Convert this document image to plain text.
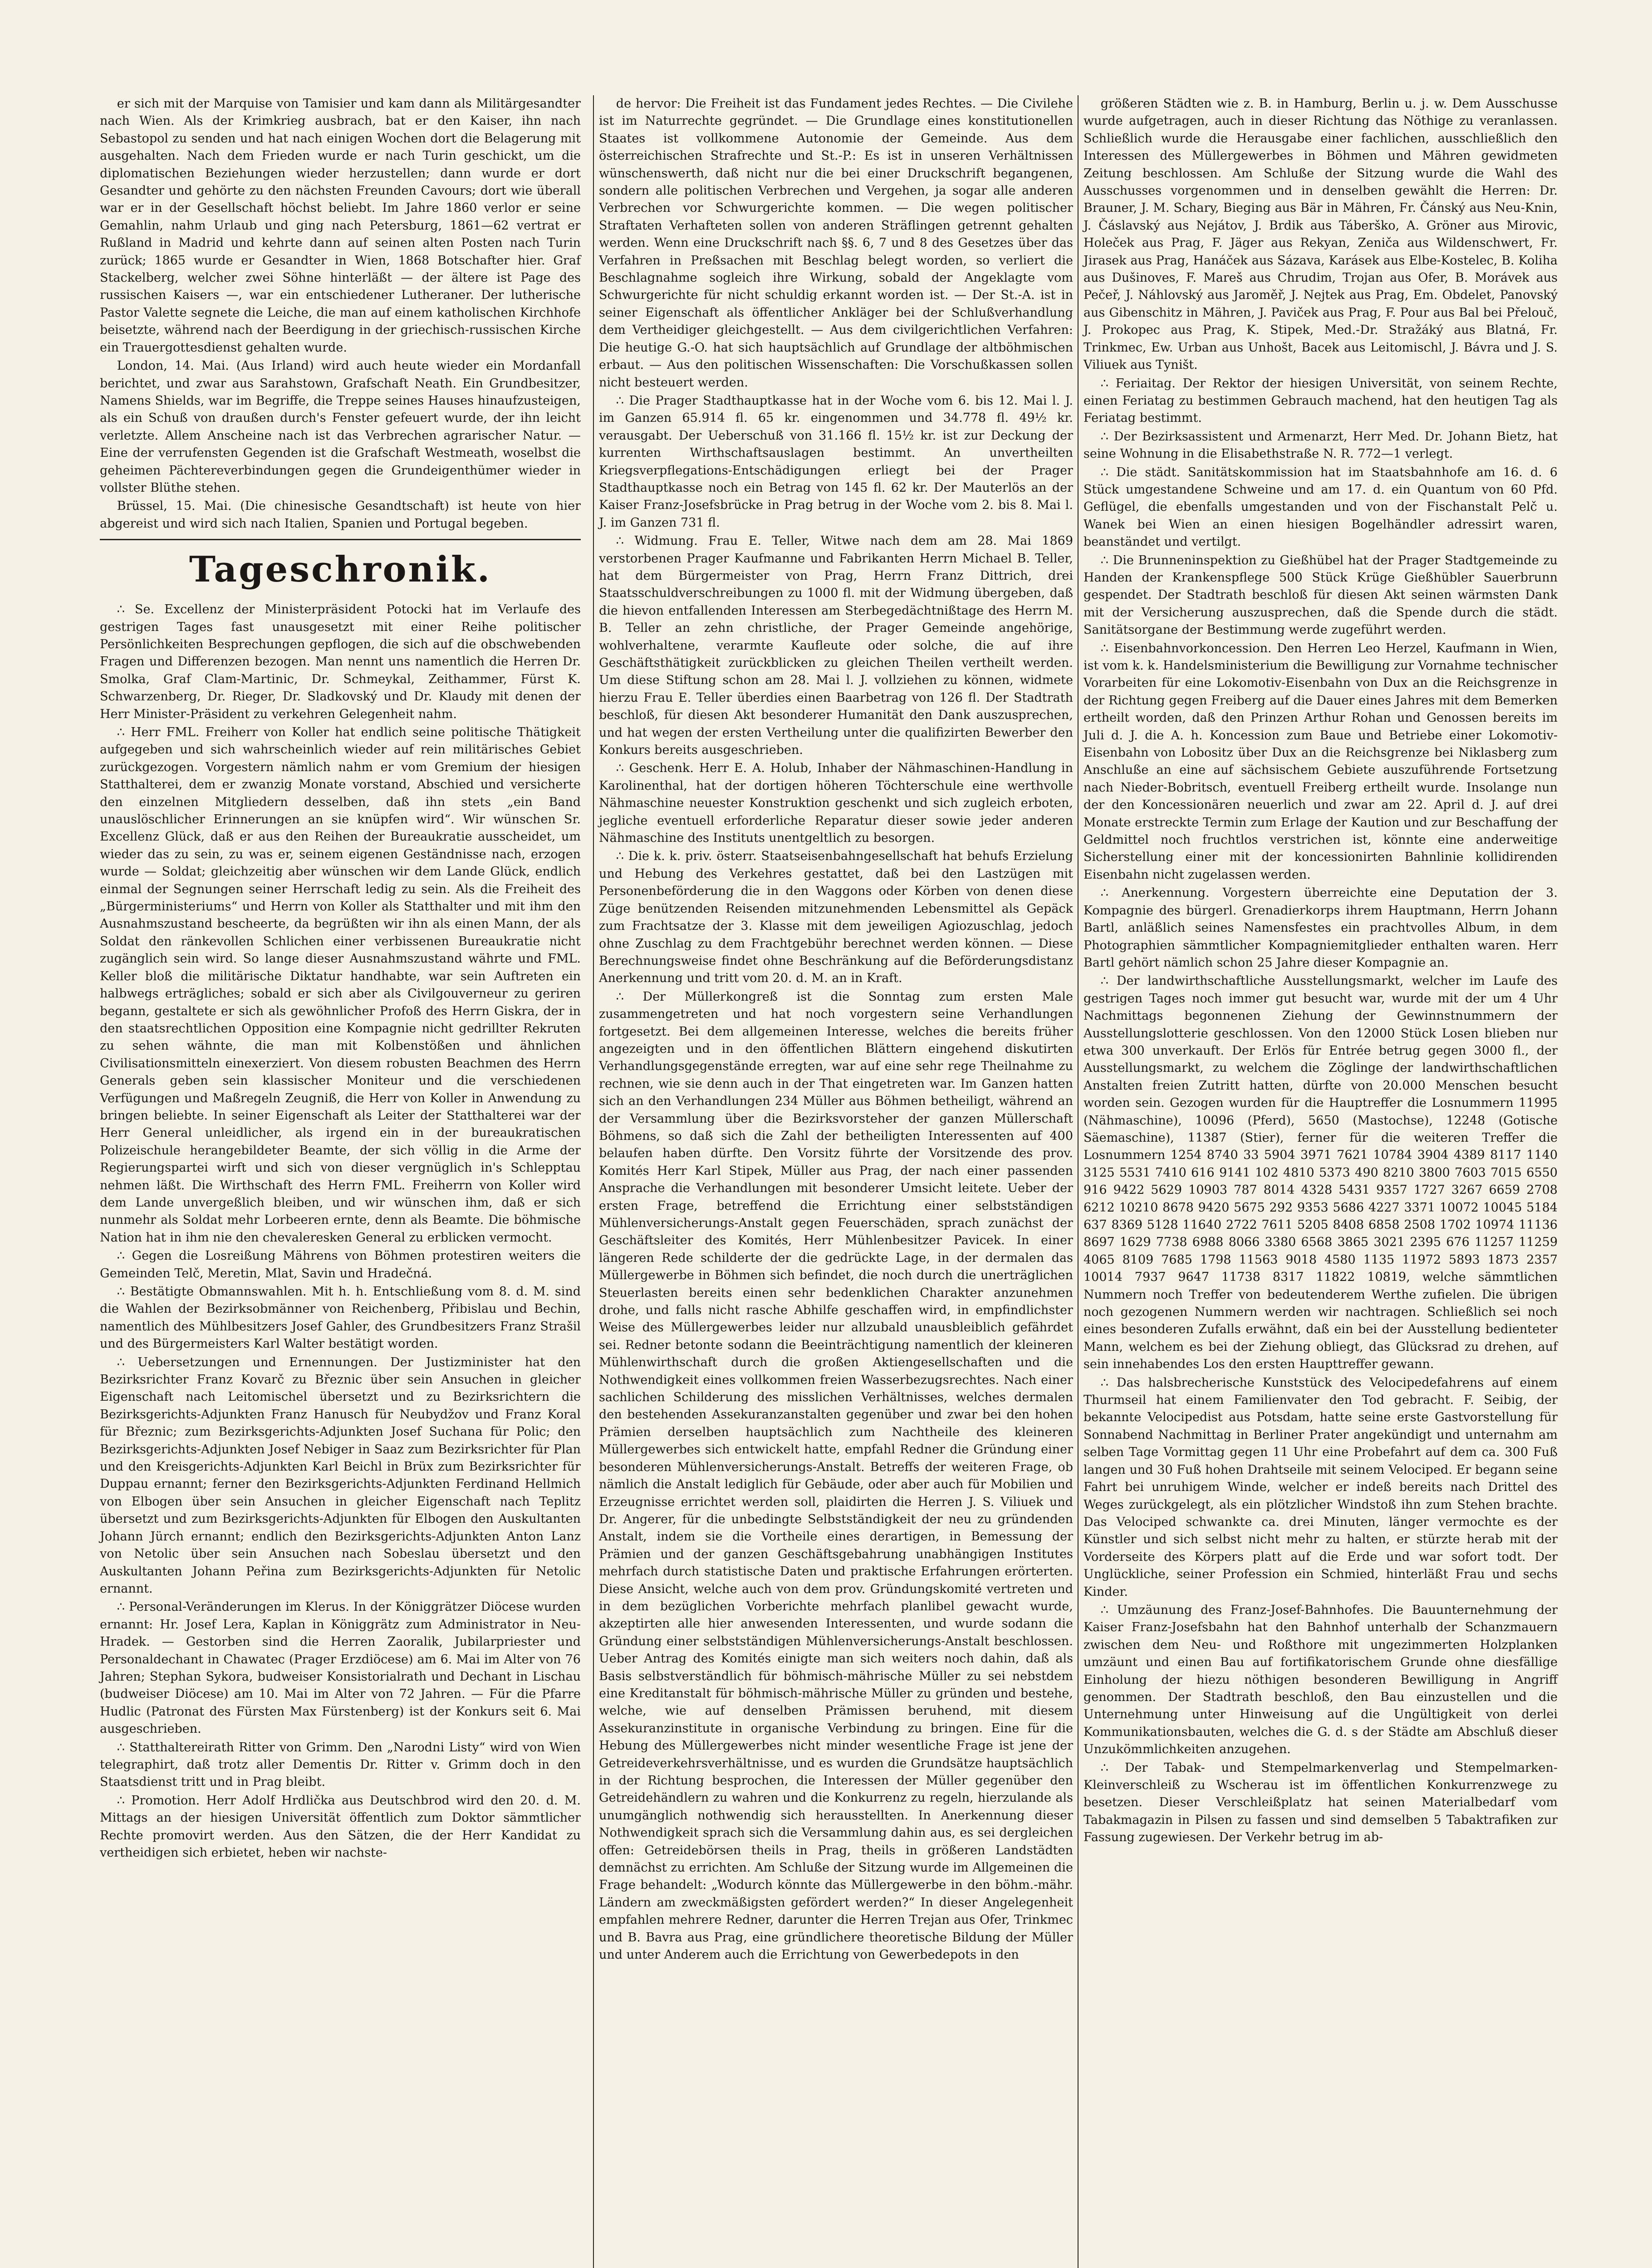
er sich mit der Marquise von Tamisier und kam dann als Militärgesandter nach Wien. Als der Krimkrieg ausbrach, bat er den Kaiser, ihn nach Sebastopol zu senden und hat nach einigen Wochen dort die Belagerung mit ausgehalten. Nach dem Frieden wurde er nach Turin geschickt, um die diplomatischen Beziehungen wieder herzustellen; dann wurde er dort Gesandter und gehörte zu den nächsten Freunden Cavours; dort wie überall war er in der Gesellschaft höchst beliebt. Im Jahre 1860 verlor er seine Gemahlin, nahm Urlaub und ging nach Petersburg, 1861—62 vertrat er Rußland in Madrid und kehrte dann auf seinen alten Posten nach Turin zurück; 1865 wurde er Gesandter in Wien, 1868 Botschafter hier. Graf Stackelberg, welcher zwei Söhne hinterläßt — der ältere ist Page des russischen Kaisers —, war ein entschiedener Lutheraner. Der lutherische Pastor Valette segnete die Leiche, die man auf einem katholischen Kirchhofe beisetzte, während nach der Beerdigung in der griechisch-russischen Kirche ein Trauergottesdienst gehalten wurde.

London, 14. Mai. (Aus Irland) wird auch heute wieder ein Mordanfall berichtet, und zwar aus Sarahstown, Grafschaft Neath. Ein Grundbesitzer, Namens Shields, war im Begriffe, die Treppe seines Hauses hinaufzusteigen, als ein Schuß von draußen durch's Fenster gefeuert wurde, der ihn leicht verletzte. Allem Anscheine nach ist das Verbrechen agrarischer Natur. — Eine der verrufensten Gegenden ist die Grafschaft Westmeath, woselbst die geheimen Pächtereverbindungen gegen die Grundeigenthümer wieder in vollster Blüthe stehen.

Brüssel, 15. Mai. (Die chinesische Gesandtschaft) ist heute von hier abgereist und wird sich nach Italien, Spanien und Portugal begeben.

Tageschronik.

∴ Se. Excellenz der Ministerpräsident Potocki hat im Verlaufe des gestrigen Tages fast unausgesetzt mit einer Reihe politischer Persönlichkeiten Besprechungen gepflogen, die sich auf die obschwebenden Fragen und Differenzen bezogen. Man nennt uns namentlich die Herren Dr. Smolka, Graf Clam-Martinic, Dr. Schmeykal, Zeithammer, Fürst K. Schwarzenberg, Dr. Rieger, Dr. Sladkovský und Dr. Klaudy mit denen der Herr Minister-Präsident zu verkehren Gelegenheit nahm.

∴ Herr FML. Freiherr von Koller hat endlich seine politische Thätigkeit aufgegeben und sich wahrscheinlich wieder auf rein militärisches Gebiet zurückgezogen. Vorgestern nämlich nahm er vom Gremium der hiesigen Statthalterei, dem er zwanzig Monate vorstand, Abschied und versicherte den einzelnen Mitgliedern desselben, daß ihn stets „ein Band unauslöschlicher Erinnerungen an sie knüpfen wird“. Wir wünschen Sr. Excellenz Glück, daß er aus den Reihen der Bureaukratie ausscheidet, um wieder das zu sein, zu was er, seinem eigenen Geständnisse nach, erzogen wurde — Soldat; gleichzeitig aber wünschen wir dem Lande Glück, endlich einmal der Segnungen seiner Herrschaft ledig zu sein. Als die Freiheit des „Bürgerministeriums“ und Herrn von Koller als Statthalter und mit ihm den Ausnahmszustand bescheerte, da begrüßten wir ihn als einen Mann, der als Soldat den ränkevollen Schlichen einer verbissenen Bureaukratie nicht zugänglich sein wird. So lange dieser Ausnahmszustand währte und FML. Keller bloß die militärische Diktatur handhabte, war sein Auftreten ein halbwegs erträgliches; sobald er sich aber als Civilgouverneur zu geriren begann, gestaltete er sich als gewöhnlicher Profoß des Herrn Giskra, der in den staatsrechtlichen Opposition eine Kompagnie nicht gedrillter Rekruten zu sehen wähnte, die man mit Kolbenstößen und ähnlichen Civilisationsmitteln einexerziert. Von diesem robusten Beachmen des Herrn Generals geben sein klassischer Moniteur und die verschiedenen Verfügungen und Maßregeln Zeugniß, die Herr von Koller in Anwendung zu bringen beliebte. In seiner Eigenschaft als Leiter der Statthalterei war der Herr General unleidlicher, als irgend ein in der bureaukratischen Polizeischule herangebildeter Beamte, der sich völlig in die Arme der Regierungspartei wirft und sich von dieser vergnüglich in's Schlepptau nehmen läßt. Die Wirthschaft des Herrn FML. Freiherrn von Koller wird dem Lande unvergeßlich bleiben, und wir wünschen ihm, daß er sich nunmehr als Soldat mehr Lorbeeren ernte, denn als Beamte. Die böhmische Nation hat in ihm nie den chevaleresken General zu erblicken vermocht.

∴ Gegen die Losreißung Mährens von Böhmen protestiren weiters die Gemeinden Telč, Meretin, Mlat, Savin und Hradečná.

∴ Bestätigte Obmannswahlen. Mit h. h. Entschließung vom 8. d. M. sind die Wahlen der Bezirksobmänner von Reichenberg, Přibislau und Bechin, namentlich des Mühlbesitzers Josef Gahler, des Grundbesitzers Franz Strašil und des Bürgermeisters Karl Walter bestätigt worden.

∴ Uebersetzungen und Ernennungen. Der Justizminister hat den Bezirksrichter Franz Kovarč zu Březnic über sein Ansuchen in gleicher Eigenschaft nach Leitomischel übersetzt und zu Bezirksrichtern die Bezirksgerichts-Adjunkten Franz Hanusch für Neubydžov und Franz Koral für Březnic; zum Bezirksgerichts-Adjunkten Josef Suchana für Polic; den Bezirksgerichts-Adjunkten Josef Nebiger in Saaz zum Bezirksrichter für Plan und den Kreisgerichts-Adjunkten Karl Beichl in Brüx zum Bezirksrichter für Duppau ernannt; ferner den Bezirksgerichts-Adjunkten Ferdinand Hellmich von Elbogen über sein Ansuchen in gleicher Eigenschaft nach Teplitz übersetzt und zum Bezirksgerichts-Adjunkten für Elbogen den Auskultanten Johann Jürch ernannt; endlich den Bezirksgerichts-Adjunkten Anton Lanz von Netolic über sein Ansuchen nach Sobeslau übersetzt und den Auskultanten Johann Peřina zum Bezirksgerichts-Adjunkten für Netolic ernannt.

∴ Personal-Veränderungen im Klerus. In der Königgrätzer Diöcese wurden ernannt: Hr. Josef Lera, Kaplan in Königgrätz zum Administrator in Neu-Hradek. — Gestorben sind die Herren Zaoralik, Jubilarpriester und Personaldechant in Chawatec (Prager Erzdiöcese) am 6. Mai im Alter von 76 Jahren; Stephan Sykora, budweiser Konsistorialrath und Dechant in Lischau (budweiser Diöcese) am 10. Mai im Alter von 72 Jahren. — Für die Pfarre Hudlic (Patronat des Fürsten Max Fürstenberg) ist der Konkurs seit 6. Mai ausgeschrieben.

∴ Statthaltereirath Ritter von Grimm. Den „Narodni Listy“ wird von Wien telegraphirt, daß trotz aller Dementis Dr. Ritter v. Grimm doch in den Staatsdienst tritt und in Prag bleibt.

∴ Promotion. Herr Adolf Hrdlička aus Deutschbrod wird den 20. d. M. Mittags an der hiesigen Universität öffentlich zum Doktor sämmtlicher Rechte promovirt werden. Aus den Sätzen, die der Herr Kandidat zu vertheidigen sich erbietet, heben wir nachste-

de hervor: Die Freiheit ist das Fundament jedes Rechtes. — Die Civilehe ist im Naturrechte gegründet. — Die Grundlage eines konstitutionellen Staates ist vollkommene Autonomie der Gemeinde. Aus dem österreichischen Strafrechte und St.-P.: Es ist in unseren Verhältnissen wünschenswerth, daß nicht nur die bei einer Druckschrift begangenen, sondern alle politischen Verbrechen und Vergehen, ja sogar alle anderen Verbrechen vor Schwurgerichte kommen. — Die wegen politischer Straftaten Verhafteten sollen von anderen Sträflingen getrennt gehalten werden. Wenn eine Druckschrift nach §§. 6, 7 und 8 des Gesetzes über das Verfahren in Preßsachen mit Beschlag belegt worden, so verliert die Beschlagnahme sogleich ihre Wirkung, sobald der Angeklagte vom Schwurgerichte für nicht schuldig erkannt worden ist. — Der St.-A. ist in seiner Eigenschaft als öffentlicher Ankläger bei der Schlußverhandlung dem Vertheidiger gleichgestellt. — Aus dem civilgerichtlichen Verfahren: Die heutige G.-O. hat sich hauptsächlich auf Grundlage der altböhmischen erbaut. — Aus den politischen Wissenschaften: Die Vorschußkassen sollen nicht besteuert werden.

∴ Die Prager Stadthauptkasse hat in der Woche vom 6. bis 12. Mai l. J. im Ganzen 65.914 fl. 65 kr. eingenommen und 34.778 fl. 49½ kr. verausgabt. Der Ueberschuß von 31.166 fl. 15½ kr. ist zur Deckung der kurrenten Wirthschaftsauslagen bestimmt. An unvertheilten Kriegsverpflegations-Entschädigungen erliegt bei der Prager Stadthauptkasse noch ein Betrag von 145 fl. 62 kr. Der Mauterlös an der Kaiser Franz-Josefsbrücke in Prag betrug in der Woche vom 2. bis 8. Mai l. J. im Ganzen 731 fl.

∴ Widmung. Frau E. Teller, Witwe nach dem am 28. Mai 1869 verstorbenen Prager Kaufmanne und Fabrikanten Herrn Michael B. Teller, hat dem Bürgermeister von Prag, Herrn Franz Dittrich, drei Staatsschuldverschreibungen zu 1000 fl. mit der Widmung übergeben, daß die hievon entfallenden Interessen am Sterbegedächtnißtage des Herrn M. B. Teller an zehn christliche, der Prager Gemeinde angehörige, wohlverhaltene, verarmte Kaufleute oder solche, die auf ihre Geschäftsthätigkeit zurückblicken zu gleichen Theilen vertheilt werden. Um diese Stiftung schon am 28. Mai l. J. vollziehen zu können, widmete hierzu Frau E. Teller überdies einen Baarbetrag von 126 fl. Der Stadtrath beschloß, für diesen Akt besonderer Humanität den Dank auszusprechen, und hat wegen der ersten Vertheilung unter die qualifizirten Bewerber den Konkurs bereits ausgeschrieben.

∴ Geschenk. Herr E. A. Holub, Inhaber der Nähmaschinen-Handlung in Karolinenthal, hat der dortigen höheren Töchterschule eine werthvolle Nähmaschine neuester Konstruktion geschenkt und sich zugleich erboten, jegliche eventuell erforderliche Reparatur dieser sowie jeder anderen Nähmaschine des Instituts unentgeltlich zu besorgen.

∴ Die k. k. priv. österr. Staatseisenbahngesellschaft hat behufs Erzielung und Hebung des Verkehres gestattet, daß bei den Lastzügen mit Personenbeförderung die in den Waggons oder Körben von denen diese Züge benützenden Reisenden mitzunehmenden Lebensmittel als Gepäck zum Frachtsatze der 3. Klasse mit dem jeweiligen Agiozuschlag, jedoch ohne Zuschlag zu dem Frachtgebühr berechnet werden können. — Diese Berechnungsweise findet ohne Beschränkung auf die Beförderungsdistanz Anerkennung und tritt vom 20. d. M. an in Kraft.

∴ Der Müllerkongreß ist die Sonntag zum ersten Male zusammengetreten und hat noch vorgestern seine Verhandlungen fortgesetzt. Bei dem allgemeinen Interesse, welches die bereits früher angezeigten und in den öffentlichen Blättern eingehend diskutirten Verhandlungsgegenstände erregten, war auf eine sehr rege Theilnahme zu rechnen, wie sie denn auch in der That eingetreten war. Im Ganzen hatten sich an den Verhandlungen 234 Müller aus Böhmen betheiligt, während an der Versammlung über die Bezirksvorsteher der ganzen Müllerschaft Böhmens, so daß sich die Zahl der betheiligten Interessenten auf 400 belaufen haben dürfte. Den Vorsitz führte der Vorsitzende des prov. Komités Herr Karl Stipek, Müller aus Prag, der nach einer passenden Ansprache die Verhandlungen mit besonderer Umsicht leitete. Ueber der ersten Frage, betreffend die Errichtung einer selbstständigen Mühlenversicherungs-Anstalt gegen Feuerschäden, sprach zunächst der Geschäftsleiter des Komités, Herr Mühlenbesitzer Pavicek. In einer längeren Rede schilderte der die gedrückte Lage, in der dermalen das Müllergewerbe in Böhmen sich befindet, die noch durch die unerträglichen Steuerlasten bereits einen sehr bedenklichen Charakter anzunehmen drohe, und falls nicht rasche Abhilfe geschaffen wird, in empfindlichster Weise des Müllergewerbes leider nur allzubald unausbleiblich gefährdet sei. Redner betonte sodann die Beeinträchtigung namentlich der kleineren Mühlenwirthschaft durch die großen Aktiengesellschaften und die Nothwendigkeit eines vollkommen freien Wasserbezugsrechtes. Nach einer sachlichen Schilderung des misslichen Verhältnisses, welches dermalen den bestehenden Assekuranzanstalten gegenüber und zwar bei den hohen Prämien derselben hauptsächlich zum Nachtheile des kleineren Müllergewerbes sich entwickelt hatte, empfahl Redner die Gründung einer besonderen Mühlenversicherungs-Anstalt. Betreffs der weiteren Frage, ob nämlich die Anstalt lediglich für Gebäude, oder aber auch für Mobilien und Erzeugnisse errichtet werden soll, plaidirten die Herren J. S. Viliuek und Dr. Angerer, für die unbedingte Selbstständigkeit der neu zu gründenden Anstalt, indem sie die Vortheile eines derartigen, in Bemessung der Prämien und der ganzen Geschäftsgebahrung unabhängigen Institutes mehrfach durch statistische Daten und praktische Erfahrungen erörterten. Diese Ansicht, welche auch von dem prov. Gründungskomité vertreten und in dem bezüglichen Vorberichte mehrfach planlibel gewacht wurde, akzeptirten alle hier anwesenden Interessenten, und wurde sodann die Gründung einer selbstständigen Mühlenversicherungs-Anstalt beschlossen. Ueber Antrag des Komités einigte man sich weiters noch dahin, daß als Basis selbstverständlich für böhmisch-mährische Müller zu sei nebstdem eine Kreditanstalt für böhmisch-mährische Müller zu gründen und bestehe, welche, wie auf denselben Prämissen beruhend, mit diesem Assekuranzinstitute in organische Verbindung zu bringen. Eine für die Hebung des Müllergewerbes nicht minder wesentliche Frage ist jene der Getreideverkehrsverhältnisse, und es wurden die Grundsätze hauptsächlich in der Richtung besprochen, die Interessen der Müller gegenüber den Getreidehändlern zu wahren und die Konkurrenz zu regeln, hierzulande als unumgänglich nothwendig sich herausstellten. In Anerkennung dieser Nothwendigkeit sprach sich die Versammlung dahin aus, es sei dergleichen offen: Getreidebörsen theils in Prag, theils in größeren Landstädten demnächst zu errichten. Am Schluße der Sitzung wurde im Allgemeinen die Frage behandelt: „Wodurch könnte das Müllergewerbe in den böhm.-mähr. Ländern am zweckmäßigsten gefördert werden?“ In dieser Angelegenheit empfahlen mehrere Redner, darunter die Herren Trejan aus Ofer, Trinkmec und B. Bavra aus Prag, eine gründlichere theoretische Bildung der Müller und unter Anderem auch die Errichtung von Gewerbedepots in den

größeren Städten wie z. B. in Hamburg, Berlin u. j. w. Dem Ausschusse wurde aufgetragen, auch in dieser Richtung das Nöthige zu veranlassen. Schließlich wurde die Herausgabe einer fachlichen, ausschließlich den Interessen des Müllergewerbes in Böhmen und Mähren gewidmeten Zeitung beschlossen. Am Schluße der Sitzung wurde die Wahl des Ausschusses vorgenommen und in denselben gewählt die Herren: Dr. Brauner, J. M. Schary, Bieging aus Bär in Mähren, Fr. Čánský aus Neu-Knin, J. Čáslavský aus Nejátov, J. Brdik aus Táberško, A. Gröner aus Mirovic, Holeček aus Prag, F. Jäger aus Rekyan, Zeniča aus Wildenschwert, Fr. Jirasek aus Prag, Hanáček aus Sázava, Karásek aus Elbe-Kostelec, B. Koliha aus Dušinoves, F. Mareš aus Chrudim, Trojan aus Ofer, B. Morávek aus Pečeř, J. Náhlovský aus Jaroměř, J. Nejtek aus Prag, Em. Obdelet, Panovský aus Gibenschitz in Mähren, J. Paviček aus Prag, F. Pour aus Bal bei Přelouč, J. Prokopec aus Prag, K. Stipek, Med.-Dr. Stražáký aus Blatná, Fr. Trinkmec, Ew. Urban aus Unhošt, Bacek aus Leitomischl, J. Bávra und J. S. Viliuek aus Tyništ.

∴ Feriaitag. Der Rektor der hiesigen Universität, von seinem Rechte, einen Feriatag zu bestimmen Gebrauch machend, hat den heutigen Tag als Feriatag bestimmt.

∴ Der Bezirksassistent und Armenarzt, Herr Med. Dr. Johann Bietz, hat seine Wohnung in die Elisabethstraße N. R. 772—1 verlegt.

∴ Die städt. Sanitätskommission hat im Staatsbahnhofe am 16. d. 6 Stück umgestandene Schweine und am 17. d. ein Quantum von 60 Pfd. Geflügel, die ebenfalls umgestanden und von der Fischanstalt Pelč u. Wanek bei Wien an einen hiesigen Bogelhändler adressirt waren, beanständet und vertilgt.

∴ Die Brunneninspektion zu Gießhübel hat der Prager Stadtgemeinde zu Handen der Krankenspflege 500 Stück Krüge Gießhübler Sauerbrunn gespendet. Der Stadtrath beschloß für diesen Akt seinen wärmsten Dank mit der Versicherung auszusprechen, daß die Spende durch die städt. Sanitätsorgane der Bestimmung werde zugeführt werden.

∴ Eisenbahnvorkoncession. Den Herren Leo Herzel, Kaufmann in Wien, ist vom k. k. Handelsministerium die Bewilligung zur Vornahme technischer Vorarbeiten für eine Lokomotiv-Eisenbahn von Dux an die Reichsgrenze in der Richtung gegen Freiberg auf die Dauer eines Jahres mit dem Bemerken ertheilt worden, daß den Prinzen Arthur Rohan und Genossen bereits im Juli d. J. die A. h. Koncession zum Baue und Betriebe einer Lokomotiv-Eisenbahn von Lobositz über Dux an die Reichsgrenze bei Niklasberg zum Anschluße an eine auf sächsischem Gebiete auszuführende Fortsetzung nach Nieder-Bobritsch, eventuell Freiberg ertheilt wurde. Insolange nun der den Koncessionären neuerlich und zwar am 22. April d. J. auf drei Monate erstreckte Termin zum Erlage der Kaution und zur Beschaffung der Geldmittel noch fruchtlos verstrichen ist, könnte eine anderweitige Sicherstellung einer mit der koncessionirten Bahnlinie kollidirenden Eisenbahn nicht zugelassen werden.

∴ Anerkennung. Vorgestern überreichte eine Deputation der 3. Kompagnie des bürgerl. Grenadierkorps ihrem Hauptmann, Herrn Johann Bartl, anläßlich seines Namensfestes ein prachtvolles Album, in dem Photographien sämmtlicher Kompagniemitglieder enthalten waren. Herr Bartl gehört nämlich schon 25 Jahre dieser Kompagnie an.

∴ Der landwirthschaftliche Ausstellungsmarkt, welcher im Laufe des gestrigen Tages noch immer gut besucht war, wurde mit der um 4 Uhr Nachmittags begonnenen Ziehung der Gewinnstnummern der Ausstellungslotterie geschlossen. Von den 12000 Stück Losen blieben nur etwa 300 unverkauft. Der Erlös für Entrée betrug gegen 3000 fl., der Ausstellungsmarkt, zu welchem die Zöglinge der landwirthschaftlichen Anstalten freien Zutritt hatten, dürfte von 20.000 Menschen besucht worden sein. Gezogen wurden für die Hauptreffer die Losnummern 11995 (Nähmaschine), 10096 (Pferd), 5650 (Mastochse), 12248 (Gotische Säemaschine), 11387 (Stier), ferner für die weiteren Treffer die Losnummern 1254 8740 33 5904 3971 7621 10784 3904 4389 8117 1140 3125 5531 7410 616 9141 102 4810 5373 490 8210 3800 7603 7015 6550 916 9422 5629 10903 787 8014 4328 5431 9357 1727 3267 6659 2708 6212 10210 8678 9420 5675 292 9353 5686 4227 3371 10072 10045 5184 637 8369 5128 11640 2722 7611 5205 8408 6858 2508 1702 10974 11136 8697 1629 7738 6988 8066 3380 6568 3865 3021 2395 676 11257 11259 4065 8109 7685 1798 11563 9018 4580 1135 11972 5893 1873 2357 10014 7937 9647 11738 8317 11822 10819, welche sämmtlichen Nummern noch Treffer von bedeutenderem Werthe zufielen. Die übrigen noch gezogenen Nummern werden wir nachtragen. Schließlich sei noch eines besonderen Zufalls erwähnt, daß ein bei der Ausstellung bedienteter Mann, welchem es bei der Ziehung obliegt, das Glücksrad zu drehen, auf sein innehabendes Los den ersten Haupttreffer gewann.

∴ Das halsbrecherische Kunststück des Velocipedefahrens auf einem Thurmseil hat einem Familienvater den Tod gebracht. F. Seibig, der bekannte Velocipedist aus Potsdam, hatte seine erste Gastvorstellung für Sonnabend Nachmittag in Berliner Prater angekündigt und unternahm am selben Tage Vormittag gegen 11 Uhr eine Probefahrt auf dem ca. 300 Fuß langen und 30 Fuß hohen Drahtseile mit seinem Velociped. Er begann seine Fahrt bei unruhigem Winde, welcher er indeß bereits nach Drittel des Weges zurückgelegt, als ein plötzlicher Windstoß ihn zum Stehen brachte. Das Velociped schwankte ca. drei Minuten, länger vermochte es der Künstler und sich selbst nicht mehr zu halten, er stürzte herab mit der Vorderseite des Körpers platt auf die Erde und war sofort todt. Der Unglückliche, seiner Profession ein Schmied, hinterläßt Frau und sechs Kinder.

∴ Umzäunung des Franz-Josef-Bahnhofes. Die Bauunternehmung der Kaiser Franz-Josefsbahn hat den Bahnhof unterhalb der Schanzmauern zwischen dem Neu- und Roßthore mit ungezimmerten Holzplanken umzäunt und einen Bau auf fortifikatorischem Grunde ohne diesfällige Einholung der hiezu nöthigen besonderen Bewilligung in Angriff genommen. Der Stadtrath beschloß, den Bau einzustellen und die Unternehmung unter Hinweisung auf die Ungültigkeit von derlei Kommunikationsbauten, welches die G. d. s der Städte am Abschluß dieser Unzukömmlichkeiten anzugehen.

∴ Der Tabak- und Stempelmarkenverlag und Stempelmarken-Kleinverschleiß zu Wscherau ist im öffentlichen Konkurrenzwege zu besetzen. Dieser Verschleißplatz hat seinen Materialbedarf vom Tabakmagazin in Pilsen zu fassen und sind demselben 5 Tabaktrafiken zur Fassung zugewiesen. Der Verkehr betrug im ab-
